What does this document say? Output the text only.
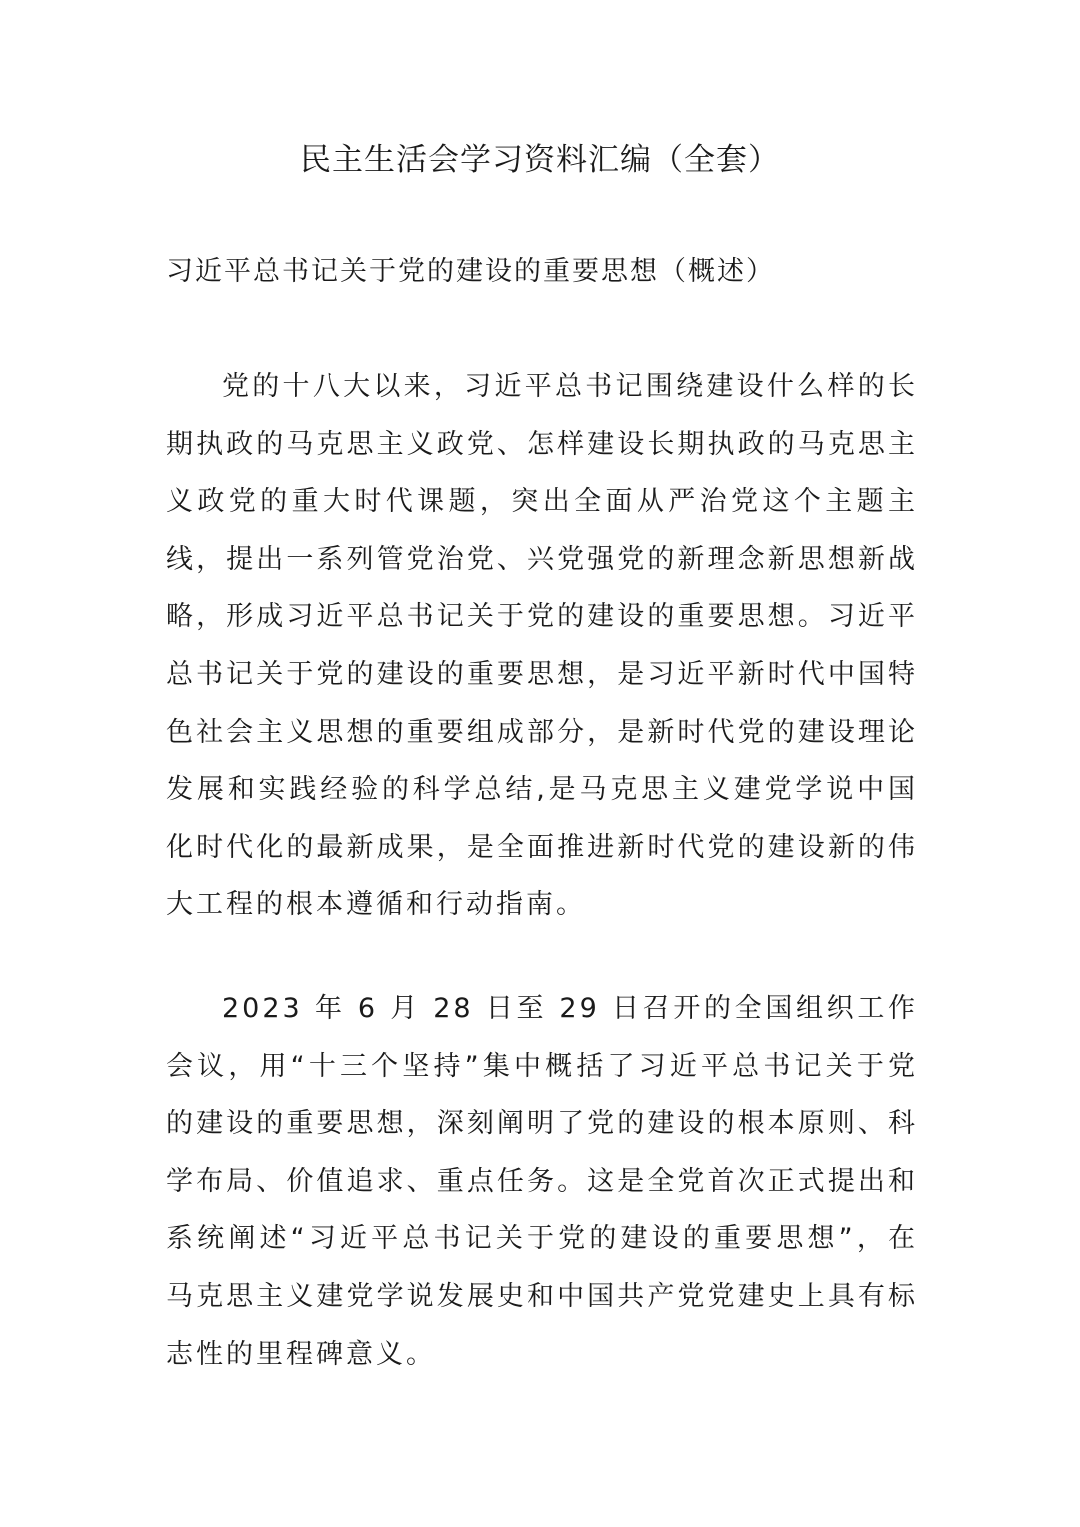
民主生活会学习资料汇编（全套）
习近平总书记关于党的建设的重要思想（概述）

党的十八大以来，习近平总书记围绕建设什么样的长期执政的马克思主义政党、怎样建设长期执政的马克思主义政党的重大时代课题，突出全面从严治党这个主题主线，提出一系列管党治党、兴党强党的新理念新思想新战略，形成习近平总书记关于党的建设的重要思想。习近平总书记关于党的建设的重要思想，是习近平新时代中国特色社会主义思想的重要组成部分，是新时代党的建设理论发展和实践经验的科学总结,是马克思主义建党学说中国化时代化的最新成果，是全面推进新时代党的建设新的伟大工程的根本遵循和行动指南。

2023 年 6 月 28 日至 29 日召开的全国组织工作会议，用“十三个坚持”集中概括了习近平总书记关于党的建设的重要思想，深刻阐明了党的建设的根本原则、科学布局、价值追求、重点任务。这是全党首次正式提出和系统阐述“习近平总书记关于党的建设的重要思想”，在马克思主义建党学说发展史和中国共产党党建史上具有标志性的里程碑意义。
